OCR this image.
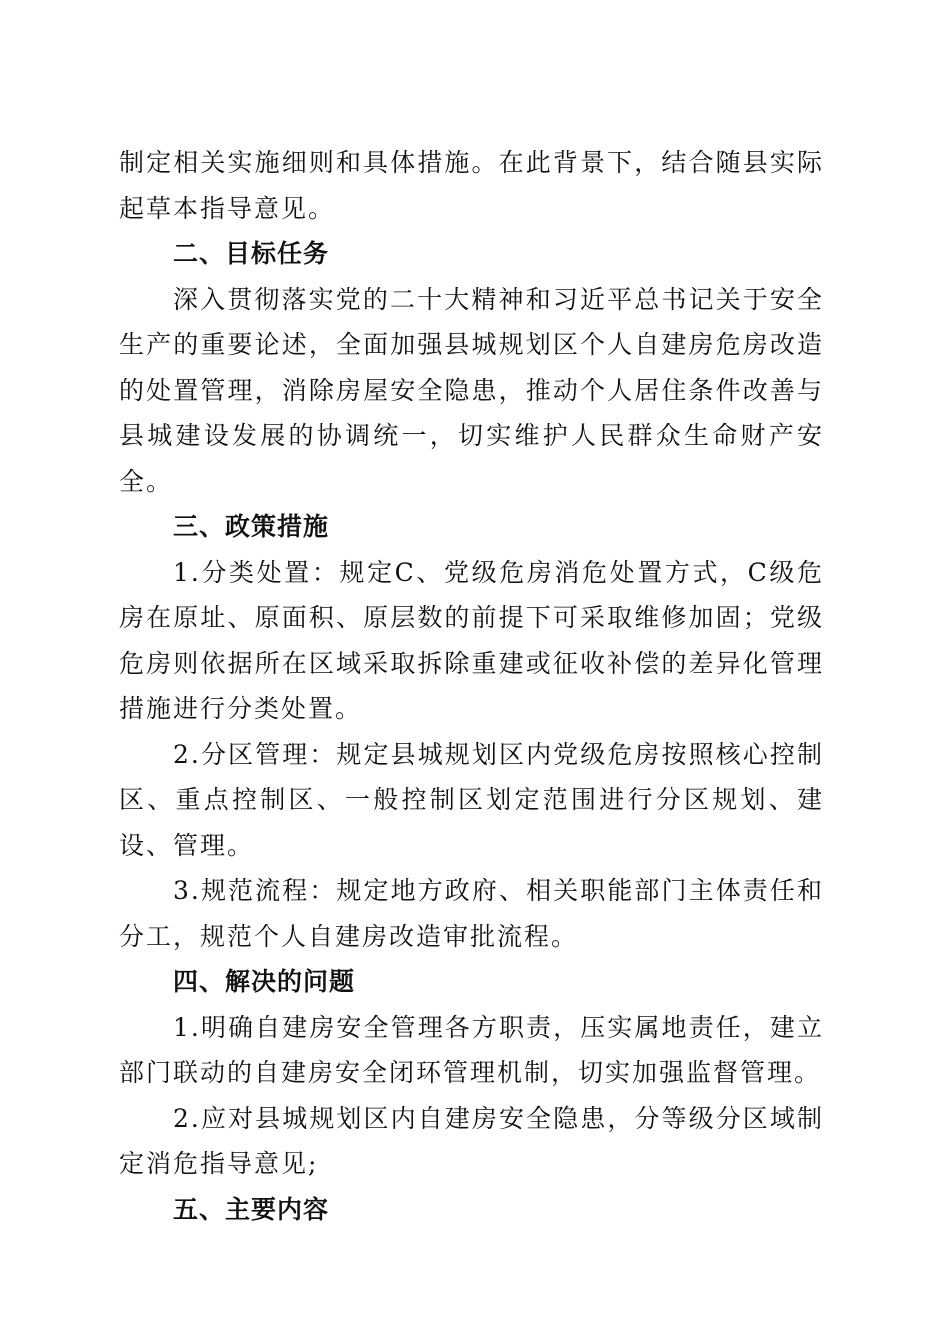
制定相关实施细则和具体措施。在此背景下，结合随县实际起草本指导意见。

二、目标任务

深入贯彻落实党的二十大精神和习近平总书记关于安全生产的重要论述，全面加强县城规划区个人自建房危房改造的处置管理，消除房屋安全隐患，推动个人居住条件改善与县城建设发展的协调统一，切实维护人民群众生命财产安全。

三、政策措施

1.分类处置：规定C、党级危房消危处置方式，C级危房在原址、原面积、原层数的前提下可采取维修加固；党级危房则依据所在区域采取拆除重建或征收补偿的差异化管理措施进行分类处置。

2.分区管理：规定县城规划区内党级危房按照核心控制区、重点控制区、一般控制区划定范围进行分区规划、建设、管理。

3.规范流程：规定地方政府、相关职能部门主体责任和分工，规范个人自建房改造审批流程。

四、解决的问题

1.明确自建房安全管理各方职责，压实属地责任，建立部门联动的自建房安全闭环管理机制，切实加强监督管理。

2.应对县城规划区内自建房安全隐患，分等级分区域制定消危指导意见;

五、主要内容
